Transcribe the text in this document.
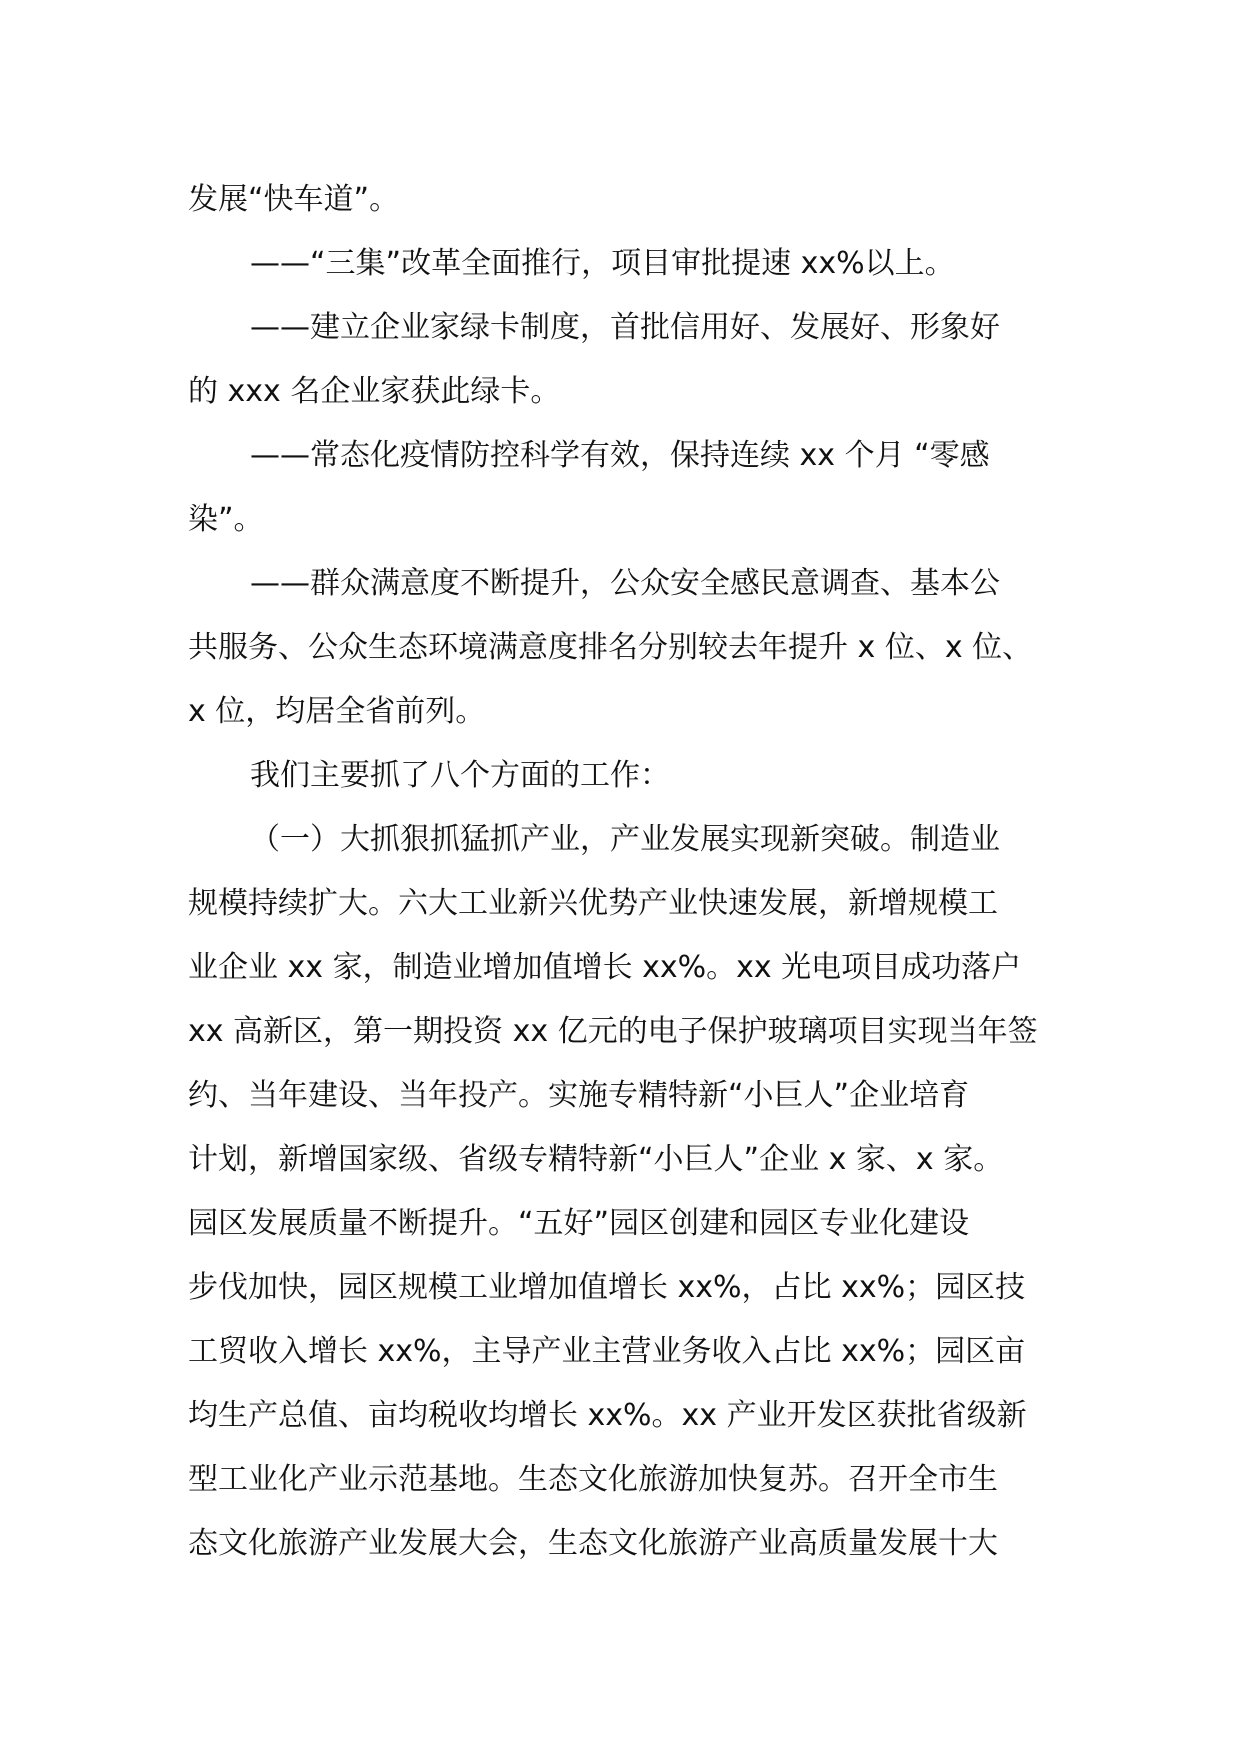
发展“快车道”。
——“三集”改革全面推行，项目审批提速 xx%以上。
——建立企业家绿卡制度，首批信用好、发展好、形象好
的 xxx 名企业家获此绿卡。
——常态化疫情防控科学有效，保持连续 xx 个月 “零感
染”。
——群众满意度不断提升，公众安全感民意调查、基本公
共服务、公众生态环境满意度排名分别较去年提升 x 位、x 位、
x 位，均居全省前列。
我们主要抓了八个方面的工作：
（一）大抓狠抓猛抓产业，产业发展实现新突破。制造业
规模持续扩大。六大工业新兴优势产业快速发展，新增规模工
业企业 xx 家，制造业增加值增长 xx%。xx 光电项目成功落户
xx 高新区，第一期投资 xx 亿元的电子保护玻璃项目实现当年签
约、当年建设、当年投产。实施专精特新“小巨人”企业培育
计划，新增国家级、省级专精特新“小巨人”企业 x 家、x 家。
园区发展质量不断提升。“五好”园区创建和园区专业化建设
步伐加快，园区规模工业增加值增长 xx%，占比 xx%；园区技
工贸收入增长 xx%，主导产业主营业务收入占比 xx%；园区亩
均生产总值、亩均税收均增长 xx%。xx 产业开发区获批省级新
型工业化产业示范基地。生态文化旅游加快复苏。召开全市生
态文化旅游产业发展大会，生态文化旅游产业高质量发展十大
